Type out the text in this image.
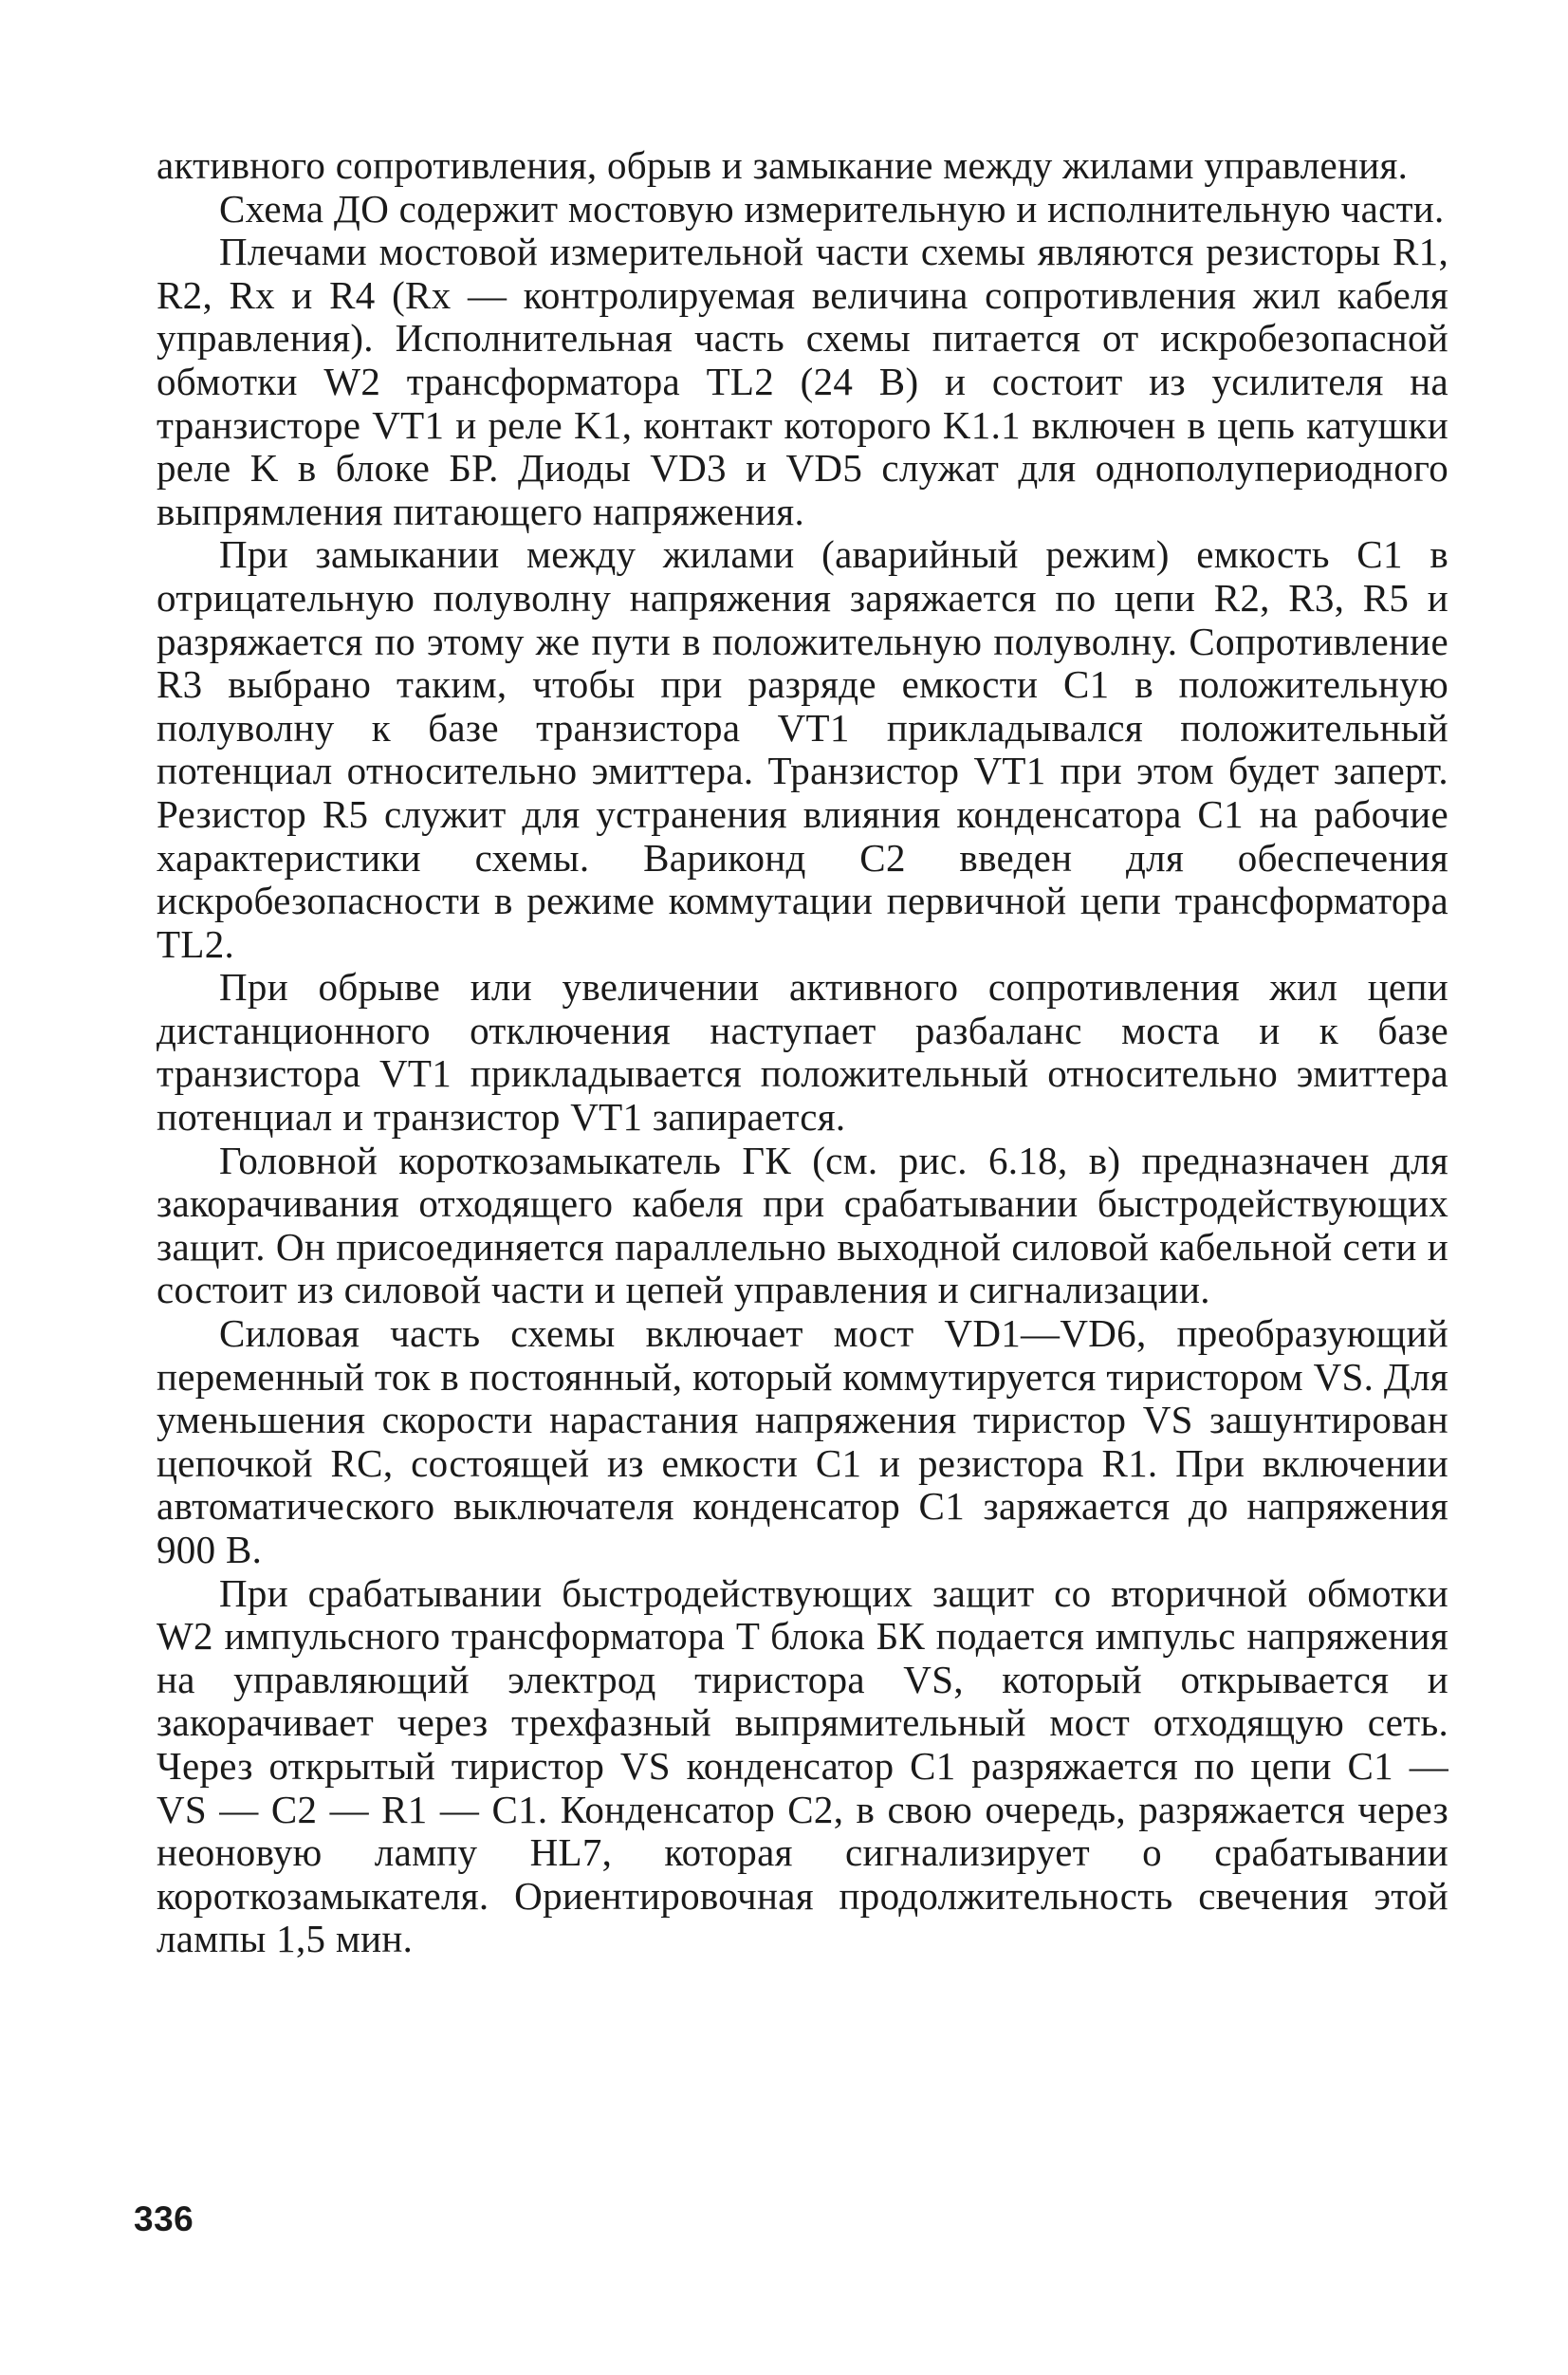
активного сопротивления, обрыв и замыкание между жилами управления.

Схема ДО содержит мостовую измерительную и исполнительную части.

Плечами мостовой измерительной части схемы являются резисторы R1, R2, Rx и R4 (Rx — контролируемая величина сопротивления жил кабеля управления). Исполнительная часть схемы питается от искробезопасной обмотки W2 трансформатора TL2 (24 В) и состоит из усилителя на транзисторе VT1 и реле K1, контакт которого K1.1 включен в цепь катушки реле K в блоке БР. Диоды VD3 и VD5 служат для однополупериодного выпрямления питающего напряжения.

При замыкании между жилами (аварийный режим) емкость C1 в отрицательную полуволну напряжения заряжается по цепи R2, R3, R5 и разряжается по этому же пути в положительную полуволну. Сопротивление R3 выбрано таким, чтобы при разряде емкости C1 в положительную полуволну к базе транзистора VT1 прикладывался положительный потенциал относительно эмиттера. Транзистор VT1 при этом будет заперт. Резистор R5 служит для устранения влияния конденсатора C1 на рабочие характеристики схемы. Вариконд C2 введен для обеспечения искробезопасности в режиме коммутации первичной цепи трансформатора TL2.

При обрыве или увеличении активного сопротивления жил цепи дистанционного отключения наступает разбаланс моста и к базе транзистора VT1 прикладывается положительный относительно эмиттера потенциал и транзистор VT1 запирается.

Головной короткозамыкатель ГК (см. рис. 6.18, в) предназначен для закорачивания отходящего кабеля при срабатывании быстродействующих защит. Он присоединяется параллельно выходной силовой кабельной сети и состоит из силовой части и цепей управления и сигнализации.

Силовая часть схемы включает мост VD1—VD6, преобразующий переменный ток в постоянный, который коммутируется тиристором VS. Для уменьшения скорости нарастания напряжения тиристор VS зашунтирован цепочкой RC, состоящей из емкости C1 и резистора R1. При включении автоматического выключателя конденсатор C1 заряжается до напряжения 900 В.

При срабатывании быстродействующих защит со вторичной обмотки W2 импульсного трансформатора T блока БК подается импульс напряжения на управляющий электрод тиристора VS, который открывается и закорачивает через трехфазный выпрямительный мост отходящую сеть. Через открытый тиристор VS конденсатор C1 разряжается по цепи C1 — VS — C2 — R1 — C1. Конденсатор C2, в свою очередь, разряжается через неоновую лампу HL7, которая сигнализирует о срабатывании короткозамыкателя. Ориентировочная продолжительность свечения этой лампы 1,5 мин.

336
